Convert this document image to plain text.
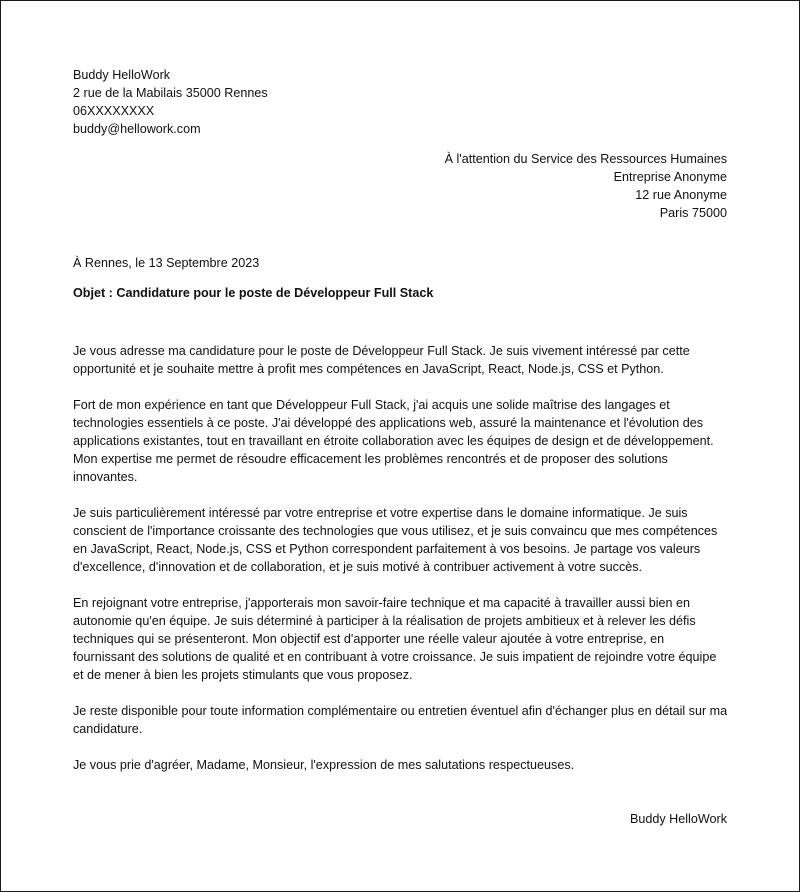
Buddy HelloWork
2 rue de la Mabilais 35000 Rennes
06XXXXXXXX
buddy@hellowork.com
À l'attention du Service des Ressources Humaines
Entreprise Anonyme
12 rue Anonyme
Paris 75000
À Rennes, le 13 Septembre 2023
Objet : Candidature pour le poste de Développeur Full Stack

Je vous adresse ma candidature pour le poste de Développeur Full Stack. Je suis vivement intéressé par cette opportunité et je souhaite mettre à profit mes compétences en JavaScript, React, Node.js, CSS et Python.

Fort de mon expérience en tant que Développeur Full Stack, j'ai acquis une solide maîtrise des langages et technologies essentiels à ce poste. J'ai développé des applications web, assuré la maintenance et l'évolution des applications existantes, tout en travaillant en étroite collaboration avec les équipes de design et de développement. Mon expertise me permet de résoudre efficacement les problèmes rencontrés et de proposer des solutions innovantes.

Je suis particulièrement intéressé par votre entreprise et votre expertise dans le domaine informatique. Je suis conscient de l'importance croissante des technologies que vous utilisez, et je suis convaincu que mes compétences en JavaScript, React, Node.js, CSS et Python correspondent parfaitement à vos besoins. Je partage vos valeurs d'excellence, d'innovation et de collaboration, et je suis motivé à contribuer activement à votre succès.

En rejoignant votre entreprise, j'apporterais mon savoir-faire technique et ma capacité à travailler aussi bien en autonomie qu'en équipe. Je suis déterminé à participer à la réalisation de projets ambitieux et à relever les défis techniques qui se présenteront. Mon objectif est d'apporter une réelle valeur ajoutée à votre entreprise, en fournissant des solutions de qualité et en contribuant à votre croissance. Je suis impatient de rejoindre votre équipe et de mener à bien les projets stimulants que vous proposez.

Je reste disponible pour toute information complémentaire ou entretien éventuel afin d'échanger plus en détail sur ma candidature.

Je vous prie d'agréer, Madame, Monsieur, l'expression de mes salutations respectueuses.

Buddy HelloWork
